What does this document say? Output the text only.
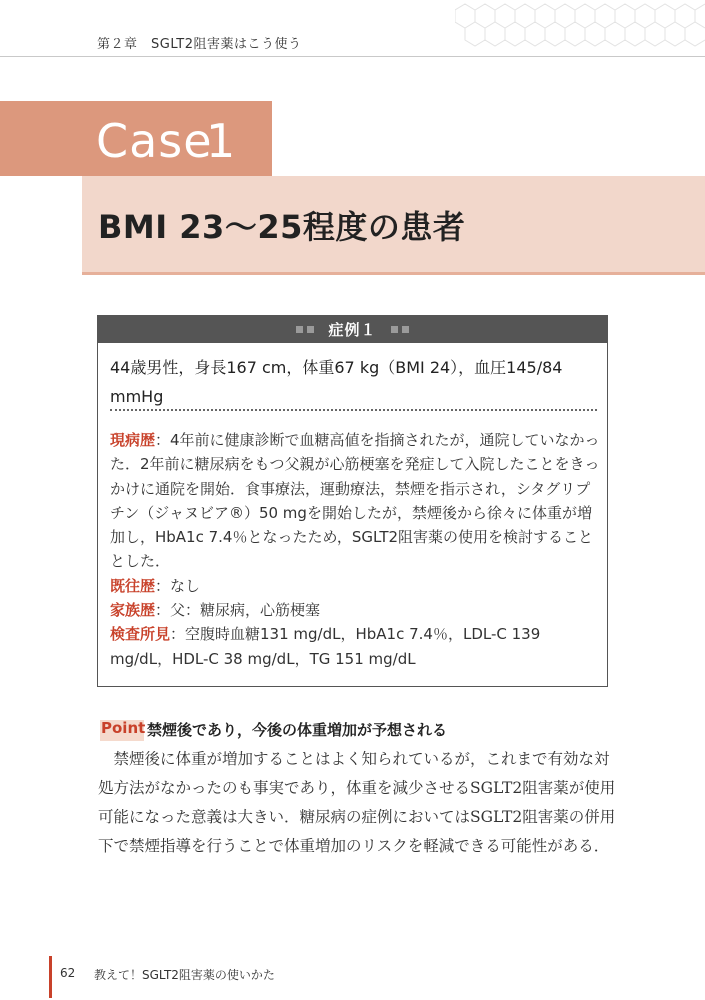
第２章　SGLT2阻害薬はこう使う
Case
1
BMI 23～25程度の患者
症例１
44歳男性，身長167 cm，体重67 kg（BMI 24），血圧145/84 mmHg

現病歴：4年前に健康診断で血糖高値を指摘されたが，通院していなかった．2年前に糖尿病をもつ父親が心筋梗塞を発症して入院したことをきっかけに通院を開始．食事療法，運動療法，禁煙を指示され，シタグリプチン（ジャヌビア®）50 mgを開始したが，禁煙後から徐々に体重が増加し，HbA1c 7.4％となったため，SGLT2阻害薬の使用を検討することとした．

既往歴：なし

家族歴：父：糖尿病，心筋梗塞

検査所見：空腹時血糖131 mg/dL，HbA1c 7.4％，LDL-C 139 mg/dL，HDL-C 38 mg/dL，TG 151 mg/dL

Point 禁煙後であり，今後の体重増加が予想される

禁煙後に体重が増加することはよく知られているが，これまで有効な対処方法がなかったのも事実であり，体重を減少させるSGLT2阻害薬が使用可能になった意義は大きい．糖尿病の症例においてはSGLT2阻害薬の併用下で禁煙指導を行うことで体重増加のリスクを軽減できる可能性がある．

62 教えて！SGLT2阻害薬の使いかた
